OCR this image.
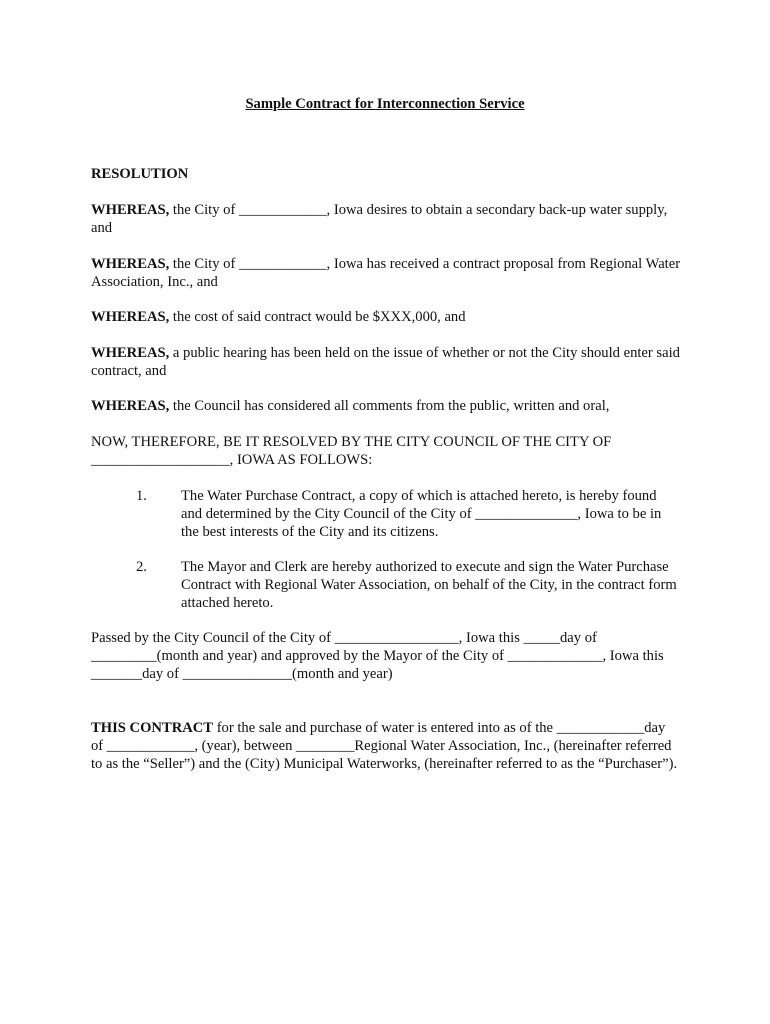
Sample Contract for Interconnection Service
RESOLUTION

WHEREAS, the City of ____________, Iowa desires to obtain a secondary back-up water supply, and

WHEREAS, the City of ____________, Iowa has received a contract proposal from Regional Water Association, Inc., and

WHEREAS, the cost of said contract would be $XXX,000, and

WHEREAS, a public hearing has been held on the issue of whether or not the City should enter said contract, and

WHEREAS, the Council has considered all comments from the public, written and oral,

NOW, THEREFORE, BE IT RESOLVED BY THE CITY COUNCIL OF THE CITY OF ___________________, IOWA AS FOLLOWS:

1.	The Water Purchase Contract, a copy of which is attached hereto, is hereby found and determined by the City Council of the City of ______________, Iowa to be in the best interests of the City and its citizens.
2.	The Mayor and Clerk are hereby authorized to execute and sign the Water Purchase Contract with Regional Water Association, on behalf of the City, in the contract form attached hereto.

Passed by the City Council of the City of _________________, Iowa this _____day of _________(month and year) and approved by the Mayor of the City of _____________, Iowa this _______day of _______________(month and year)

THIS CONTRACT for the sale and purchase of water is entered into as of the ____________day of ____________, (year), between ________Regional Water Association, Inc., (hereinafter referred to as the “Seller”) and the (City) Municipal Waterworks, (hereinafter referred to as the “Purchaser”).
